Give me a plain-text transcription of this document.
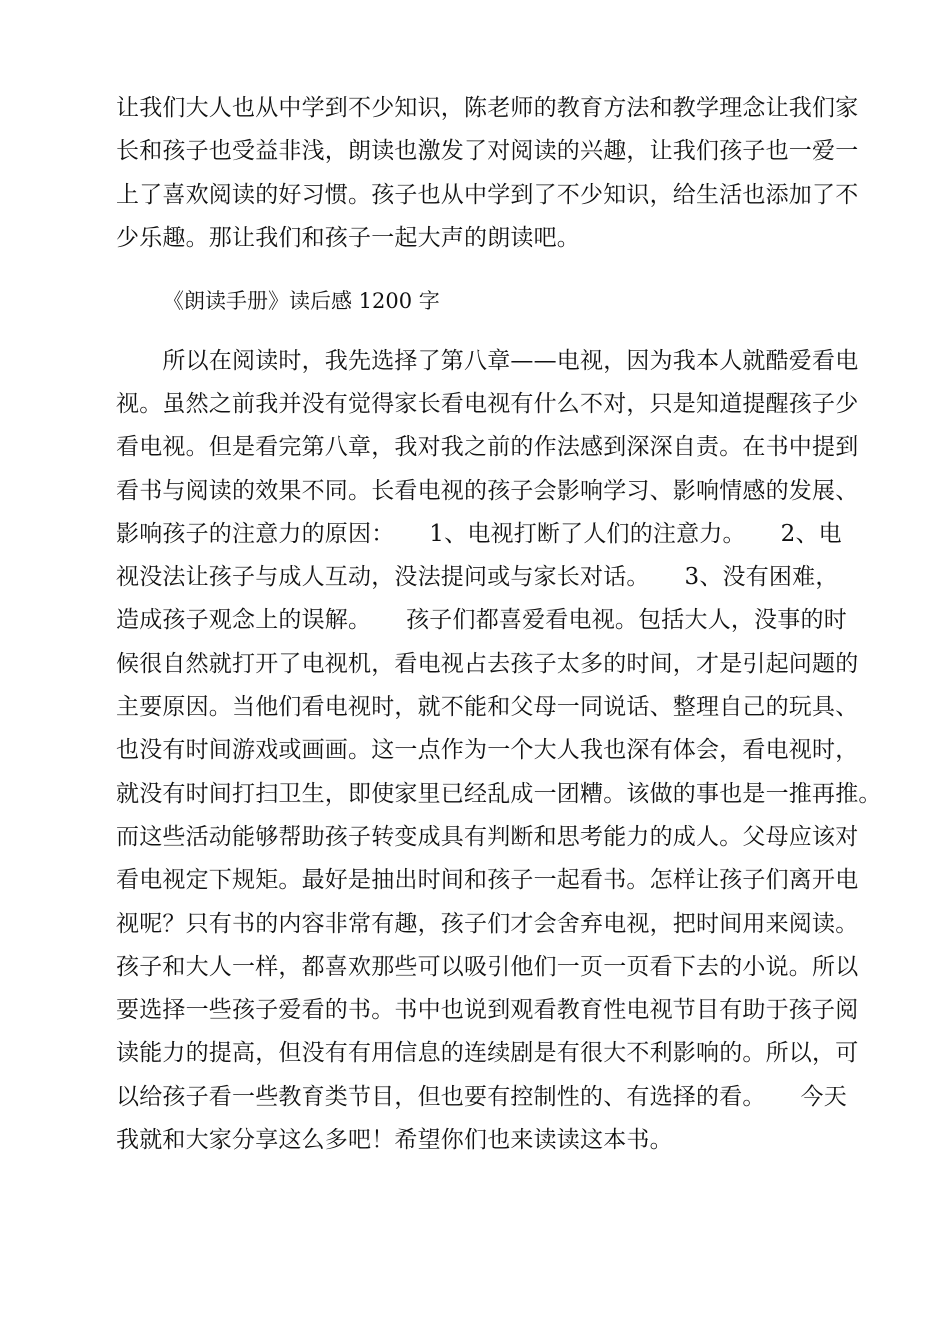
让我们大人也从中学到不少知识，陈老师的教育方法和教学理念让我们家
长和孩子也受益非浅，朗读也激发了对阅读的兴趣，让我们孩子也一爱一
上了喜欢阅读的好习惯。孩子也从中学到了不少知识，给生活也添加了不
少乐趣。那让我们和孩子一起大声的朗读吧。
《朗读手册》读后感 1200 字
　　所以在阅读时，我先选择了第八章——电视，因为我本人就酷爱看电
视。虽然之前我并没有觉得家长看电视有什么不对，只是知道提醒孩子少
看电视。但是看完第八章，我对我之前的作法感到深深自责。在书中提到
看书与阅读的效果不同。长看电视的孩子会影响学习、影响情感的发展、
影响孩子的注意力的原因：　　1、电视打断了人们的注意力。　　2、电
视没法让孩子与成人互动，没法提问或与家长对话。　　3、没有困难，
造成孩子观念上的误解。　　孩子们都喜爱看电视。包括大人，没事的时
候很自然就打开了电视机，看电视占去孩子太多的时间，才是引起问题的
主要原因。当他们看电视时，就不能和父母一同说话、整理自己的玩具、
也没有时间游戏或画画。这一点作为一个大人我也深有体会，看电视时，
就没有时间打扫卫生，即使家里已经乱成一团糟。该做的事也是一推再推。
而这些活动能够帮助孩子转变成具有判断和思考能力的成人。父母应该对
看电视定下规矩。最好是抽出时间和孩子一起看书。怎样让孩子们离开电
视呢？只有书的内容非常有趣，孩子们才会舍弃电视，把时间用来阅读。
孩子和大人一样，都喜欢那些可以吸引他们一页一页看下去的小说。所以
要选择一些孩子爱看的书。书中也说到观看教育性电视节目有助于孩子阅
读能力的提高，但没有有用信息的连续剧是有很大不利影响的。所以，可
以给孩子看一些教育类节目，但也要有控制性的、有选择的看。　　今天
我就和大家分享这么多吧！希望你们也来读读这本书。
